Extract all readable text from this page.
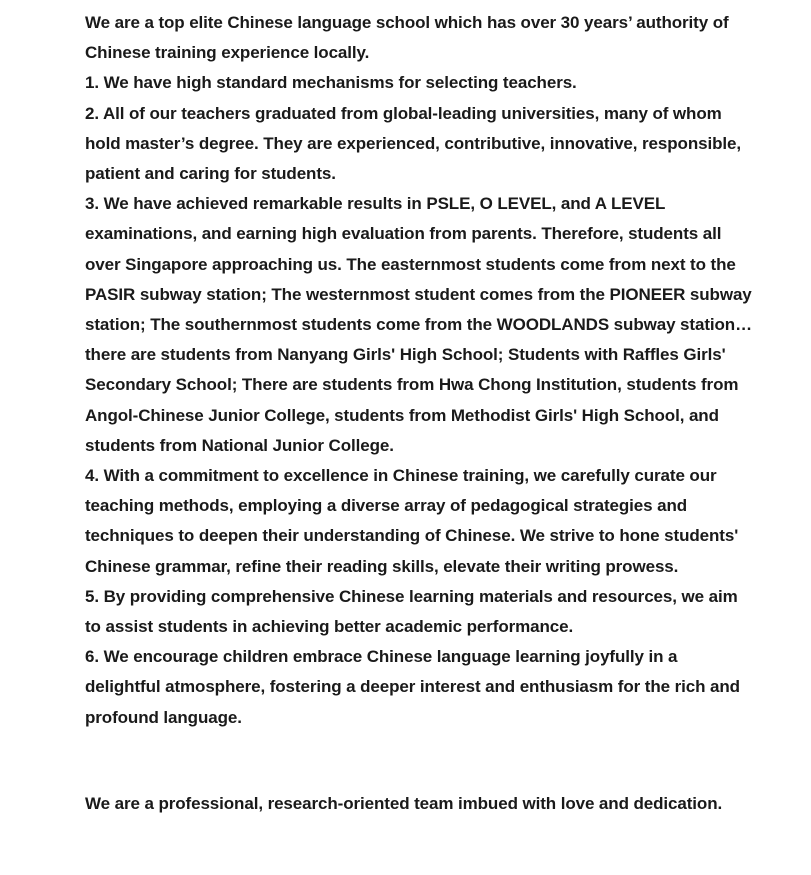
We are a top elite Chinese language school which has over 30 years’ authority of Chinese training experience locally.

1. We have high standard mechanisms for selecting teachers.

2. All of our teachers graduated from global-leading universities, many of whom hold master’s degree. They are experienced, contributive, innovative, responsible, patient and caring for students.

3. We have achieved remarkable results in PSLE, O LEVEL, and A LEVEL examinations, and earning high evaluation from parents. Therefore, students all over Singapore approaching us. The easternmost students come from next to the PASIR subway station; The westernmost student comes from the PIONEER subway station; The southernmost students come from the WOODLANDS subway station… there are students from Nanyang Girls' High School; Students with Raffles Girls' Secondary School; There are students from Hwa Chong Institution, students from Angol-Chinese Junior College, students from Methodist Girls' High School, and students from National Junior College.

4. With a commitment to excellence in Chinese training, we carefully curate our teaching methods, employing a diverse array of pedagogical strategies and techniques to deepen their understanding of Chinese. We strive to hone students' Chinese grammar, refine their reading skills, elevate their writing prowess.

5. By providing comprehensive Chinese learning materials and resources, we aim to assist students in achieving better academic performance.

6. We encourage children embrace Chinese language learning joyfully in a delightful atmosphere, fostering a deeper interest and enthusiasm for the rich and profound language.

We are a professional, research-oriented team imbued with love and dedication.
